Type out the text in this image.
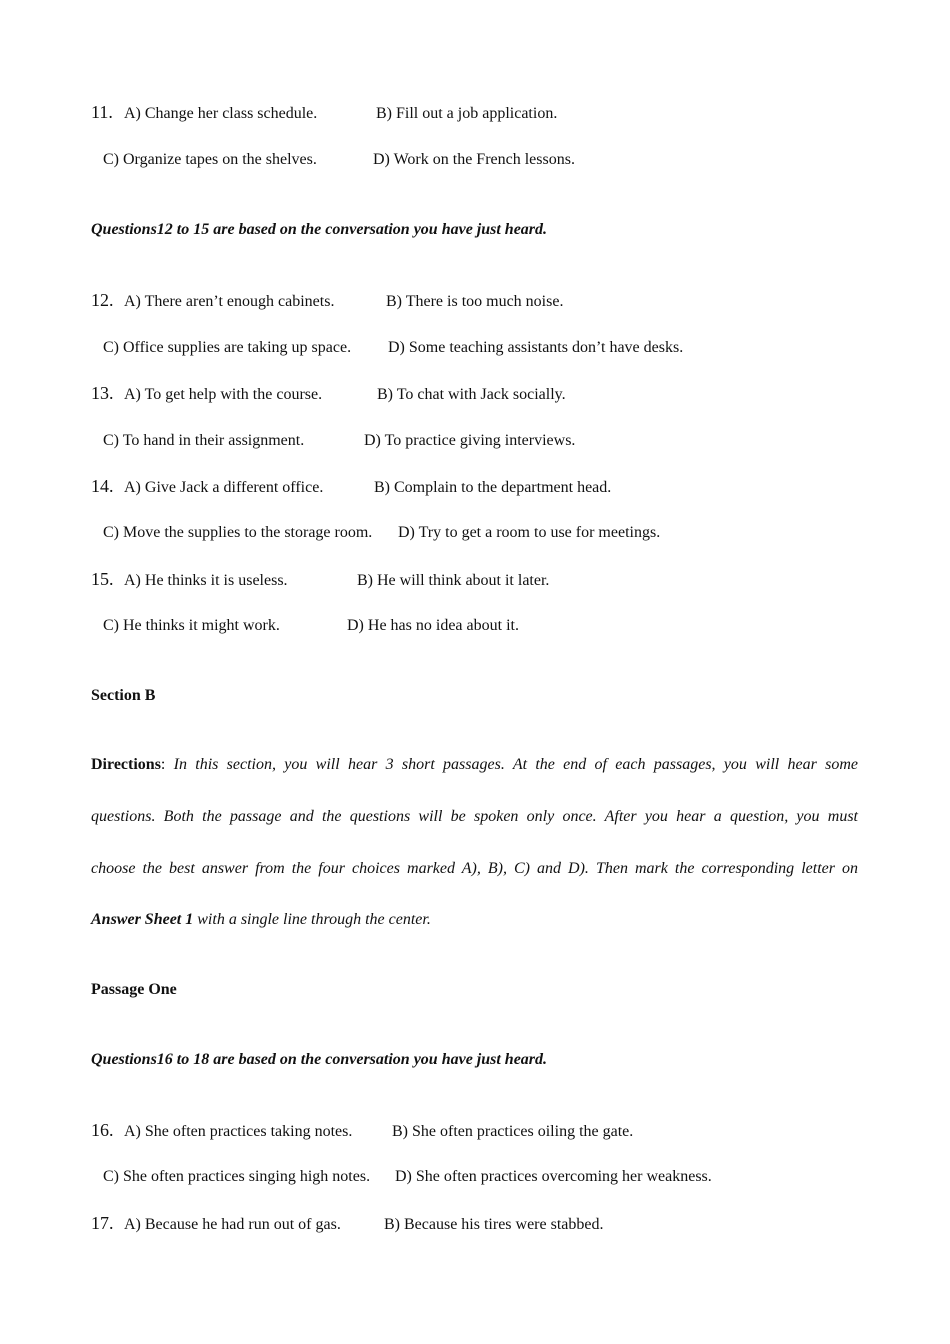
11. A) Change her class schedule.	B) Fill out a job application.
C) Organize tapes on the shelves.	D) Work on the French lessons.
Questions12 to 15 are based on the conversation you have just heard.
12. A) There aren’t enough cabinets.	B) There is too much noise.
C) Office supplies are taking up space. D) Some teaching assistants don’t have desks.
13. A) To get help with the course.	B) To chat with Jack socially.
C) To hand in their assignment.	D) To practice giving interviews.
14. A) Give Jack a different office.	B) Complain to the department head.
C) Move the supplies to the storage room. D) Try to get a room to use for meetings.
15. A) He thinks it is useless.	B) He will think about it later.
C) He thinks it might work.	D) He has no idea about it.
Section B
Directions: In this section, you will hear 3 short passages. At the end of each passages, you will hear some
questions. Both the passage and the questions will be spoken only once. After you hear a question, you must
choose the best answer from the four choices marked A), B), C) and D). Then mark the corresponding letter on
Answer Sheet 1 with a single line through the center.
Passage One
Questions16 to 18 are based on the conversation you have just heard.
16. A) She often practices taking notes. B) She often practices oiling the gate.
C) She often practices singing high notes. D) She often practices overcoming her weakness.
17. A) Because he had run out of gas.	B) Because his tires were stabbed.
